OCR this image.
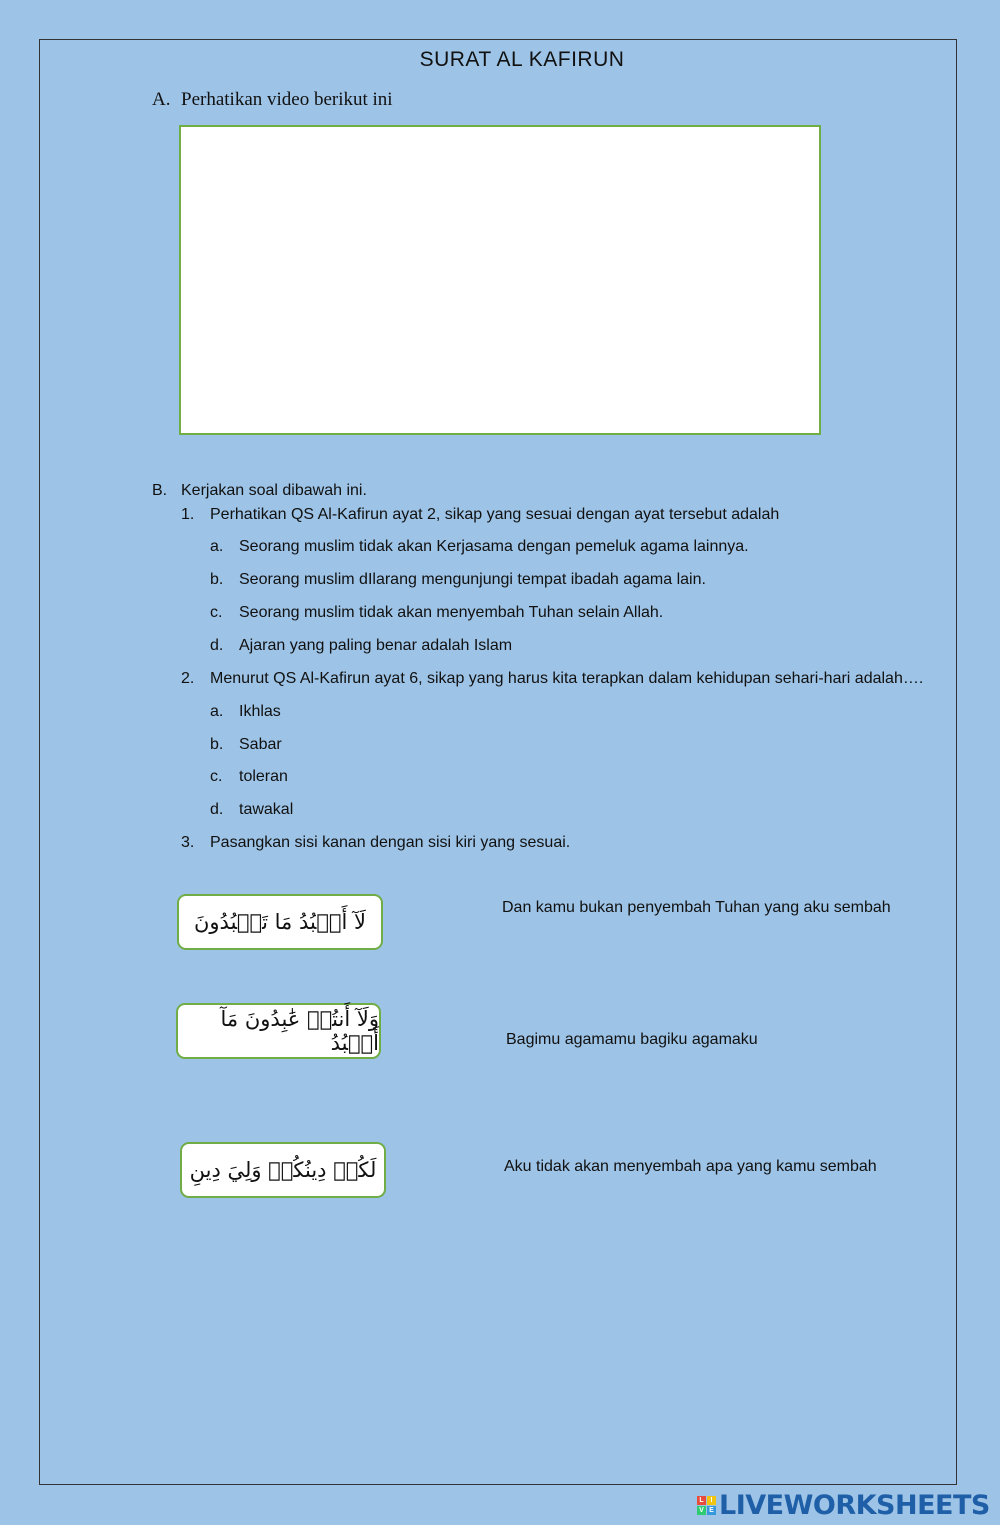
SURAT AL KAFIRUN
A. Perhatikan video berikut ini
B. Kerjakan soal dibawah ini.
1. Perhatikan QS Al-Kafirun ayat 2, sikap yang sesuai dengan ayat tersebut adalah
a. Seorang muslim tidak akan Kerjasama dengan pemeluk agama lainnya.
b. Seorang muslim dIlarang mengunjungi tempat ibadah agama lain.
c. Seorang muslim tidak akan menyembah Tuhan selain Allah.
d. Ajaran yang paling benar adalah Islam
2. Menurut QS Al-Kafirun ayat 6, sikap yang harus kita terapkan dalam kehidupan sehari-hari adalah….
a. Ikhlas
b. Sabar
c. toleran
d. tawakal
3. Pasangkan sisi kanan dengan sisi kiri yang sesuai.
لَآ أَعۡبُدُ مَا تَعۡبُدُونَ
وَلَآ أَنتُمۡ عَٰبِدُونَ مَآ أَعۡبُدُ
لَكُمۡ دِينُكُمۡ وَلِيَ دِينِ
Dan kamu bukan penyembah Tuhan yang aku sembah
Bagimu agamamu bagiku agamaku
Aku tidak akan menyembah apa yang kamu sembah
L I
V E LIVEWORKSHEETS
